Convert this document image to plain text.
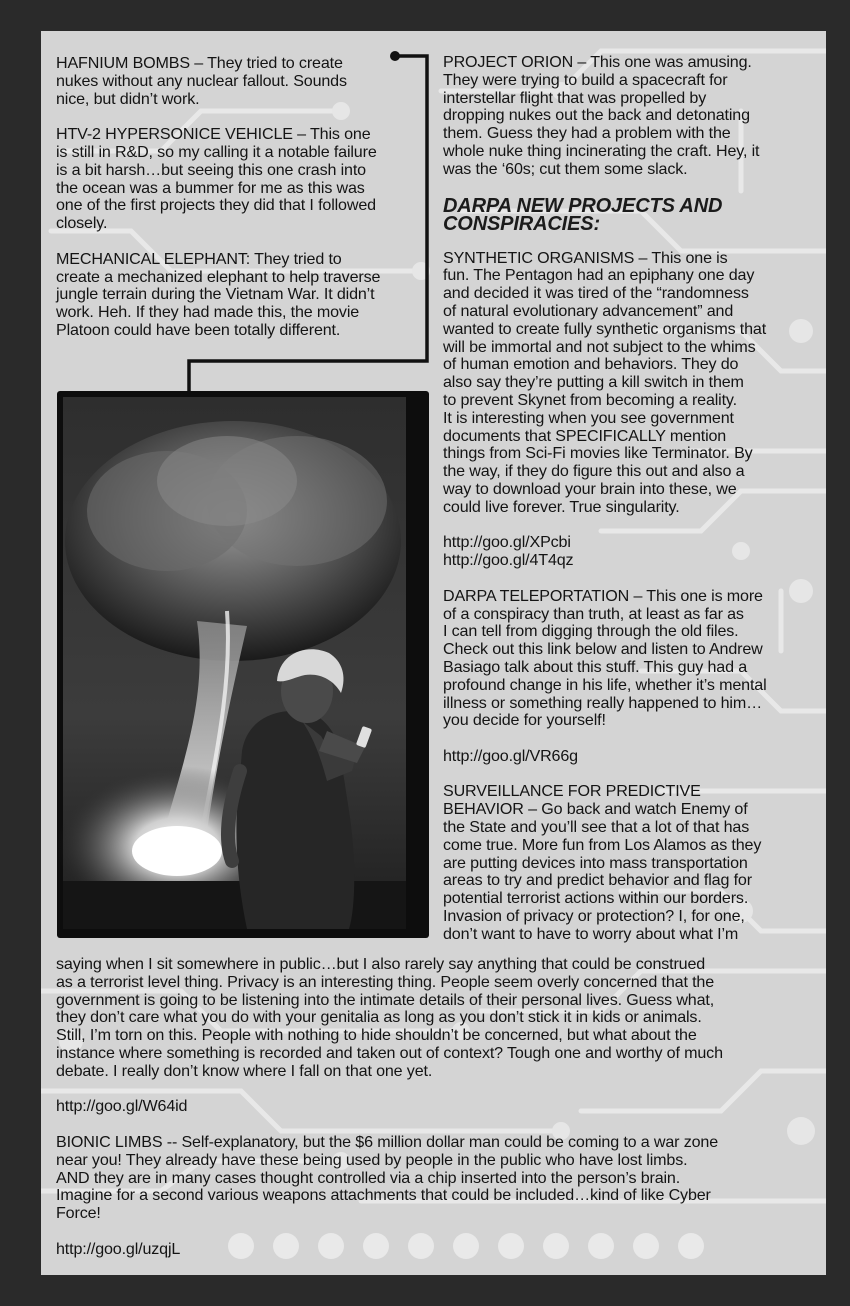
HAFNIUM BOMBS – They tried to create
nukes without any nuclear fallout. Sounds
nice, but didn’t work.

HTV-2 HYPERSONICE VEHICLE – This one
is still in R&D, so my calling it a notable failure
is a bit harsh…but seeing this one crash into
the ocean was a bummer for me as this was
one of the first projects they did that I followed
closely.

MECHANICAL ELEPHANT: They tried to
create a mechanized elephant to help traverse
jungle terrain during the Vietnam War. It didn’t
work. Heh. If they had made this, the movie
Platoon could have been totally different.

PROJECT ORION – This one was amusing.
They were trying to build a spacecraft for
interstellar flight that was propelled by
dropping nukes out the back and detonating
them. Guess they had a problem with the
whole nuke thing incinerating the craft. Hey, it
was the ‘60s; cut them some slack.

DARPA NEW PROJECTS AND
CONSPIRACIES:

SYNTHETIC ORGANISMS – This one is
fun. The Pentagon had an epiphany one day
and decided it was tired of the “randomness
of natural evolutionary advancement” and
wanted to create fully synthetic organisms that
will be immortal and not subject to the whims
of human emotion and behaviors. They do
also say they’re putting a kill switch in them
to prevent Skynet from becoming a reality.
It is interesting when you see government
documents that SPECIFICALLY mention
things from Sci-Fi movies like Terminator. By
the way, if they do figure this out and also a
way to download your brain into these, we
could live forever. True singularity.

http://goo.gl/XPcbi
http://goo.gl/4T4qz

DARPA TELEPORTATION – This one is more
of a conspiracy than truth, at least as far as
I can tell from digging through the old files.
Check out this link below and listen to Andrew
Basiago talk about this stuff. This guy had a
profound change in his life, whether it’s mental
illness or something really happened to him…
you decide for yourself!

http://goo.gl/VR66g

SURVEILLANCE FOR PREDICTIVE
BEHAVIOR – Go back and watch Enemy of
the State and you’ll see that a lot of that has
come true. More fun from Los Alamos as they
are putting devices into mass transportation
areas to try and predict behavior and flag for
potential terrorist actions within our borders.
Invasion of privacy or protection? I, for one,
don’t want to have to worry about what I’m

saying when I sit somewhere in public…but I also rarely say anything that could be construed
as a terrorist level thing. Privacy is an interesting thing. People seem overly concerned that the
government is going to be listening into the intimate details of their personal lives. Guess what,
they don’t care what you do with your genitalia as long as you don’t stick it in kids or animals.
Still, I’m torn on this. People with nothing to hide shouldn’t be concerned, but what about the
instance where something is recorded and taken out of context? Tough one and worthy of much
debate. I really don’t know where I fall on that one yet.

http://goo.gl/W64id

BIONIC LIMBS -- Self-explanatory, but the $6 million dollar man could be coming to a war zone
near you! They already have these being used by people in the public who have lost limbs.
AND they are in many cases thought controlled via a chip inserted into the person’s brain.
Imagine for a second various weapons attachments that could be included…kind of like Cyber
Force!

http://goo.gl/uzqjL
